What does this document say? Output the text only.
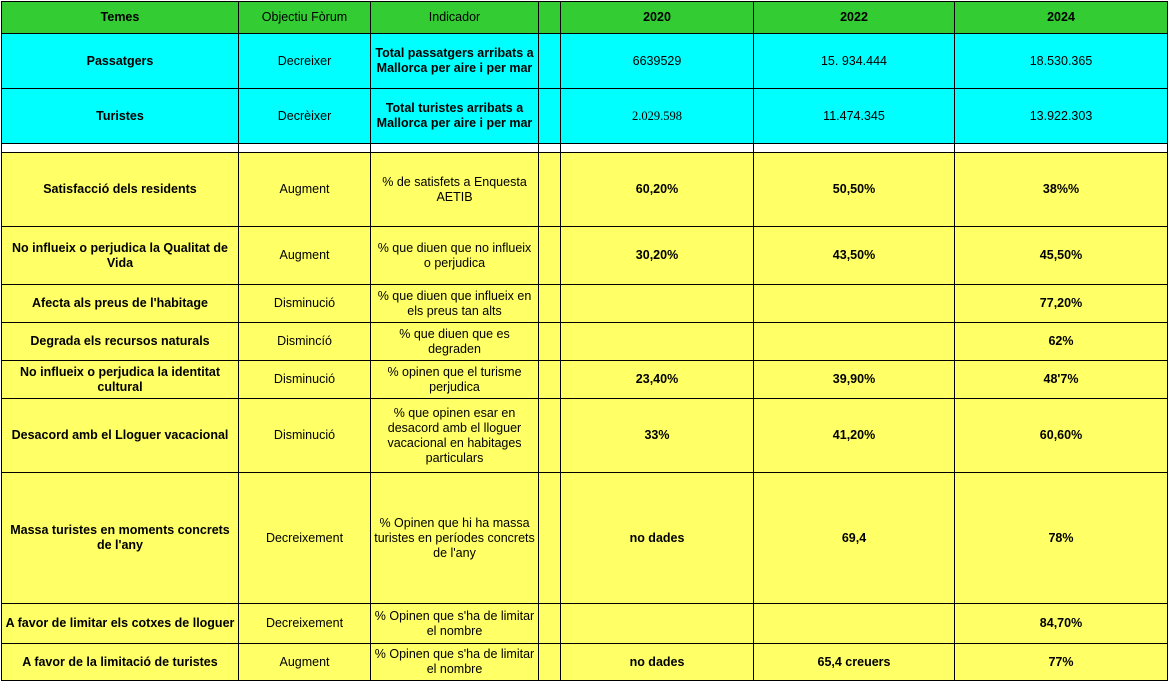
Temes	Objectiu Fòrum	Indicador		2020	2022	2024
Passatgers	Decreixer	Total passatgers arribats a Mallorca per aire i per mar		6639529	15. 934.444	18.530.365
Turistes	Decrèixer	Total turistes arribats a Mallorca per aire i per mar		2.029.598	11.474.345	13.922.303

Satisfacció dels residents	Augment	% de satisfets a Enquesta AETIB		60,20%	50,50%	38%%
No influeix o perjudica la Qualitat de Vida	Augment	% que diuen que no influeix o perjudica		30,20%	43,50%	45,50%
Afecta als preus de l'habitage	Disminució	% que diuen que influeix en els preus tan alts				77,20%
Degrada els recursos naturals	Dismincíó	% que diuen que es degraden				62%
No influeix o perjudica la identitat cultural	Disminució	% opinen que el turisme perjudica		23,40%	39,90%	48'7%
Desacord amb el Lloguer vacacional	Disminució	% que opinen esar en desacord amb el lloguer vacacional en habitages particulars		33%	41,20%	60,60%
Massa turistes en moments concrets de l'any	Decreixement	% Opinen que hi ha massa turistes en períodes concrets de l'any		no dades	69,4	78%
A favor de limitar els cotxes de lloguer	Decreixement	% Opinen que s'ha de limitar el nombre				84,70%
A favor de la limitació de turistes	Augment	% Opinen que s'ha de limitar el nombre		no dades	65,4 creuers	77%
